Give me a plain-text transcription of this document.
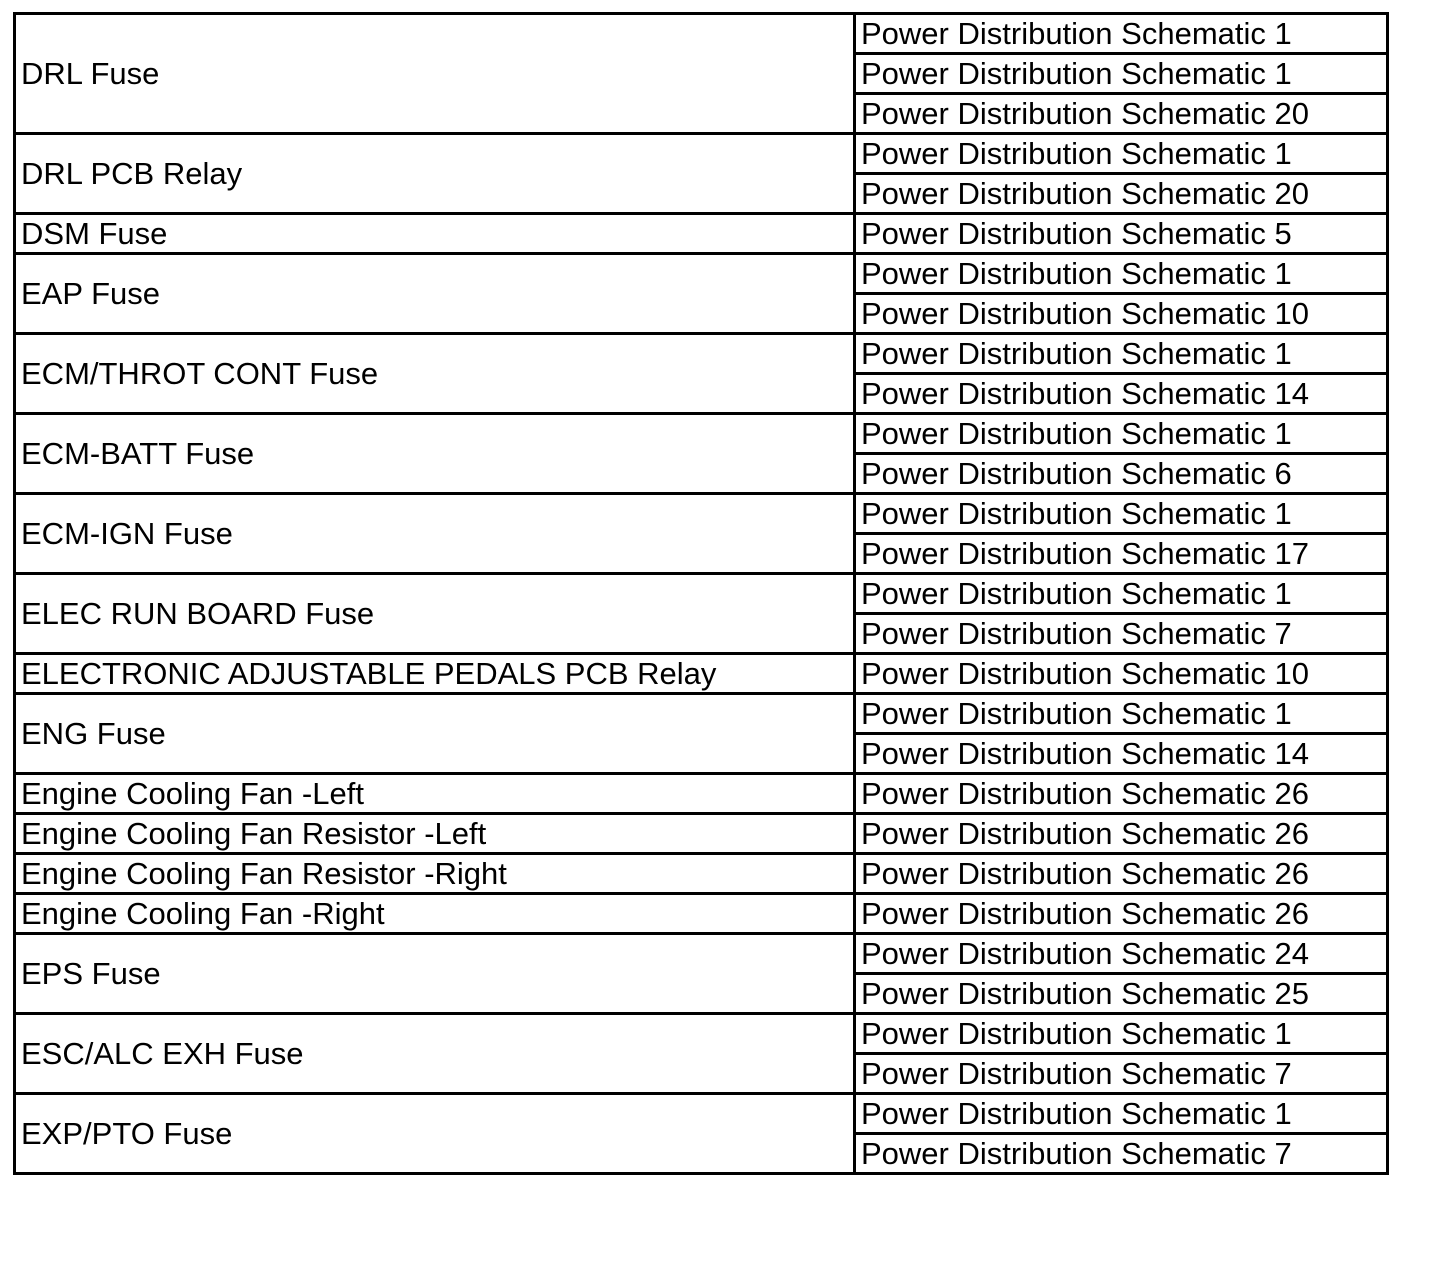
DRL Fuse	Power Distribution Schematic 1
	Power Distribution Schematic 1
	Power Distribution Schematic 20
DRL PCB Relay	Power Distribution Schematic 1
	Power Distribution Schematic 20
DSM Fuse	Power Distribution Schematic 5
EAP Fuse	Power Distribution Schematic 1
	Power Distribution Schematic 10
ECM/THROT CONT Fuse	Power Distribution Schematic 1
	Power Distribution Schematic 14
ECM-BATT Fuse	Power Distribution Schematic 1
	Power Distribution Schematic 6
ECM-IGN Fuse	Power Distribution Schematic 1
	Power Distribution Schematic 17
ELEC RUN BOARD Fuse	Power Distribution Schematic 1
	Power Distribution Schematic 7
ELECTRONIC ADJUSTABLE PEDALS PCB Relay	Power Distribution Schematic 10
ENG Fuse	Power Distribution Schematic 1
	Power Distribution Schematic 14
Engine Cooling Fan -Left	Power Distribution Schematic 26
Engine Cooling Fan Resistor -Left	Power Distribution Schematic 26
Engine Cooling Fan Resistor -Right	Power Distribution Schematic 26
Engine Cooling Fan -Right	Power Distribution Schematic 26
EPS Fuse	Power Distribution Schematic 24
	Power Distribution Schematic 25
ESC/ALC EXH Fuse	Power Distribution Schematic 1
	Power Distribution Schematic 7
EXP/PTO Fuse	Power Distribution Schematic 1
	Power Distribution Schematic 7
